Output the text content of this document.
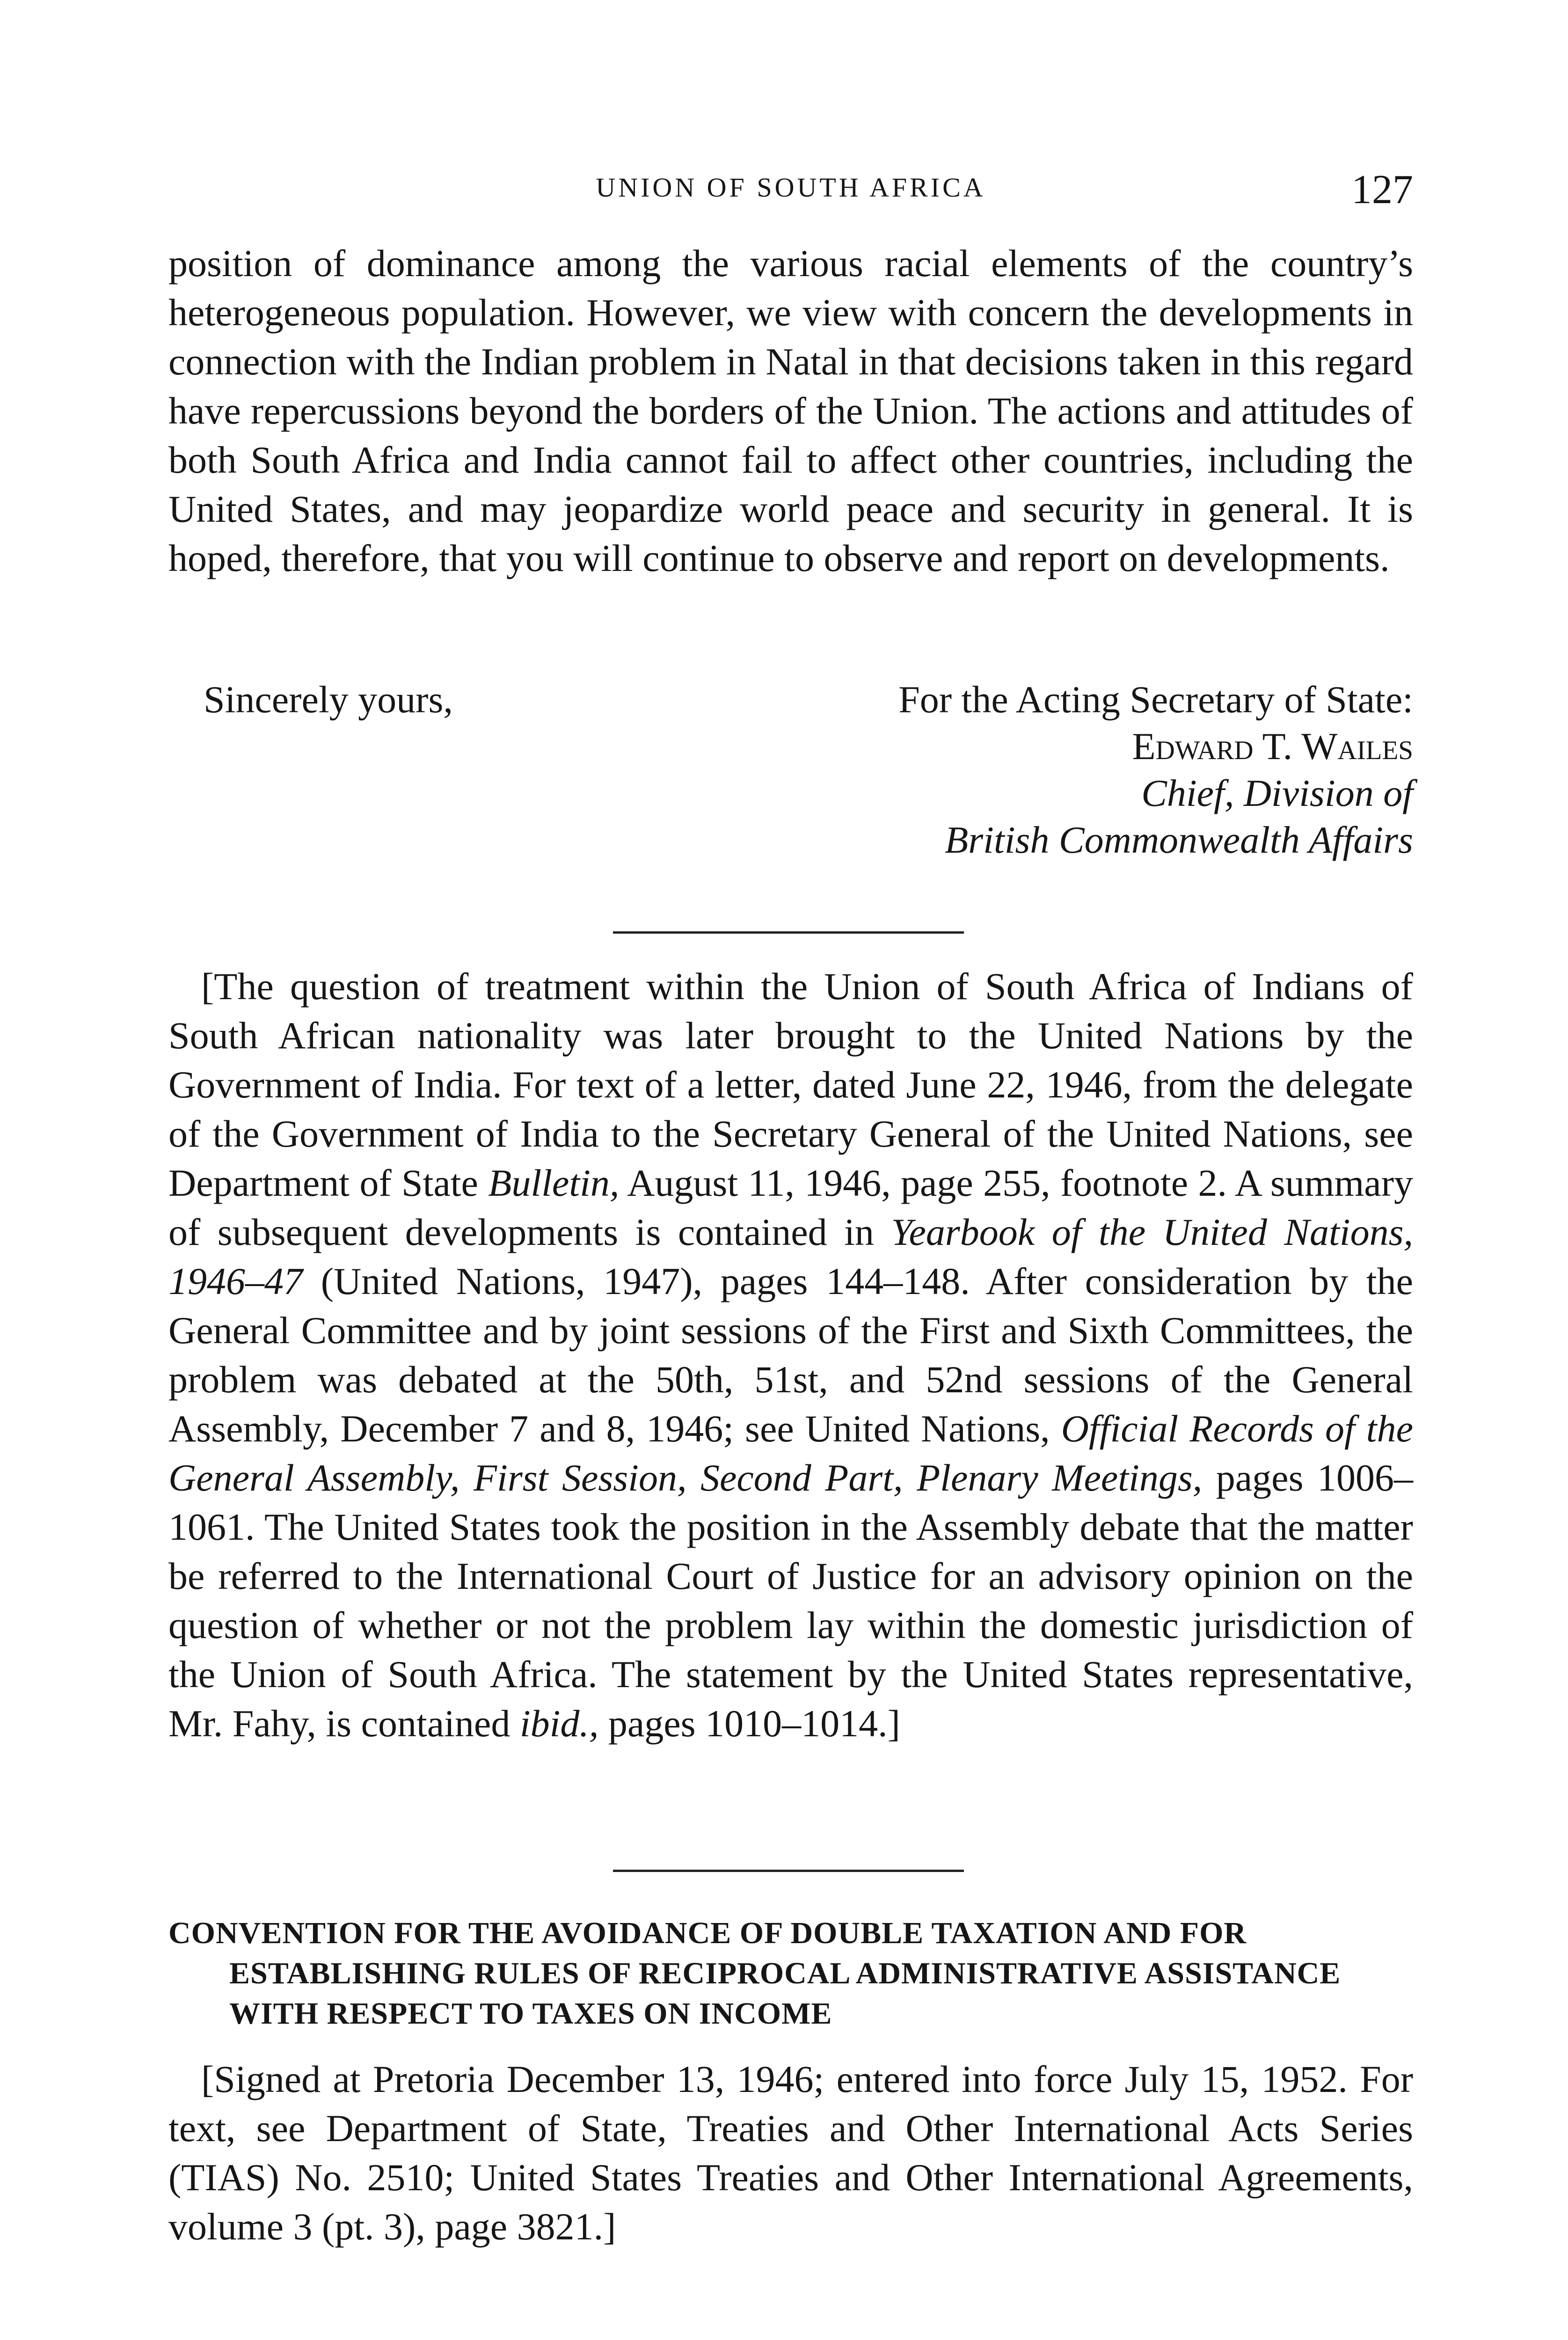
UNION OF SOUTH AFRICA	127

position of dominance among the various racial elements of the country’s heterogeneous population. However, we view with concern the developments in connection with the Indian problem in Natal in that decisions taken in this regard have repercussions beyond the borders of the Union. The actions and attitudes of both South Africa and India cannot fail to affect other countries, including the United States, and may jeopardize world peace and security in general. It is hoped, therefore, that you will continue to observe and report on developments.

Sincerely yours,	For the Acting Secretary of State:
Edward T. Wailes
Chief, Division of
British Commonwealth Affairs

[The question of treatment within the Union of South Africa of Indians of South African nationality was later brought to the United Nations by the Government of India. For text of a letter, dated June 22, 1946, from the delegate of the Government of India to the Secretary General of the United Nations, see Department of State Bulletin, August 11, 1946, page 255, footnote 2. A summary of subsequent developments is contained in Yearbook of the United Nations, 1946–47 (United Nations, 1947), pages 144–148. After consideration by the General Committee and by joint sessions of the First and Sixth Committees, the problem was debated at the 50th, 51st, and 52nd sessions of the General Assembly, December 7 and 8, 1946; see United Nations, Official Records of the General Assembly, First Session, Second Part, Plenary Meetings, pages 1006–1061. The United States took the position in the Assembly debate that the matter be referred to the International Court of Justice for an advisory opinion on the question of whether or not the problem lay within the domestic jurisdiction of the Union of South Africa. The statement by the United States representative, Mr. Fahy, is contained ibid., pages 1010–1014.]

CONVENTION FOR THE AVOIDANCE OF DOUBLE TAXATION AND FOR ESTABLISHING RULES OF RECIPROCAL ADMINISTRATIVE ASSISTANCE WITH RESPECT TO TAXES ON INCOME

[Signed at Pretoria December 13, 1946; entered into force July 15, 1952. For text, see Department of State, Treaties and Other International Acts Series (TIAS) No. 2510; United States Treaties and Other International Agreements, volume 3 (pt. 3), page 3821.]
